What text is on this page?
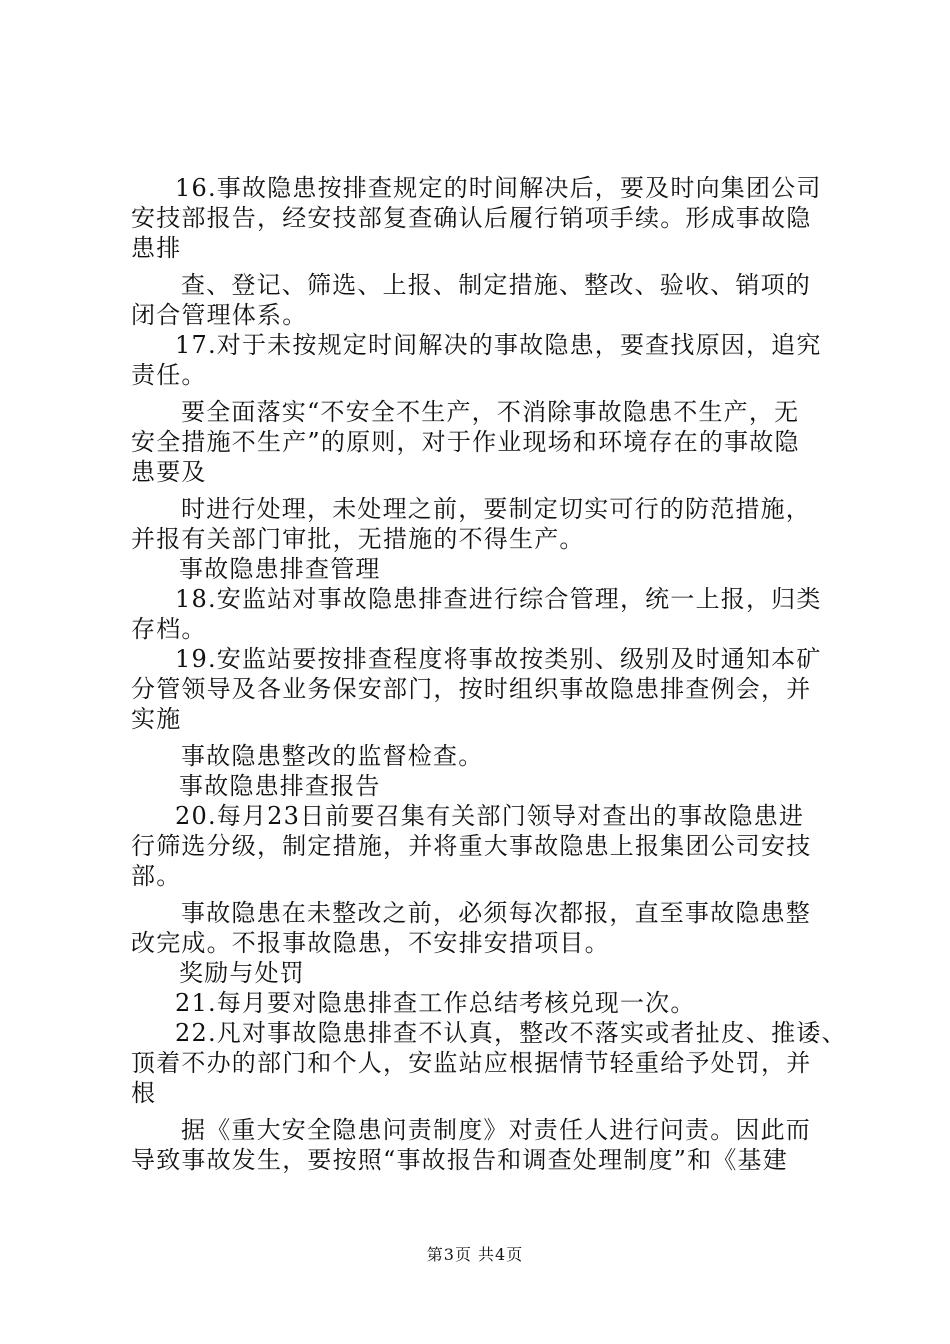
16.事故隐患按排查规定的时间解决后，要及时向集团公司
安技部报告，经安技部复查确认后履行销项手续。形成事故隐
患排
查、登记、筛选、上报、制定措施、整改、验收、销项的
闭合管理体系。
17.对于未按规定时间解决的事故隐患，要查找原因，追究
责任。
要全面落实“不安全不生产，不消除事故隐患不生产，无
安全措施不生产”的原则，对于作业现场和环境存在的事故隐
患要及
时进行处理，未处理之前，要制定切实可行的防范措施，
并报有关部门审批，无措施的不得生产。
事故隐患排查管理
18.安监站对事故隐患排查进行综合管理，统一上报，归类
存档。
19.安监站要按排查程度将事故按类别、级别及时通知本矿
分管领导及各业务保安部门，按时组织事故隐患排查例会，并
实施
事故隐患整改的监督检查。
事故隐患排查报告
20.每月23日前要召集有关部门领导对查出的事故隐患进
行筛选分级，制定措施，并将重大事故隐患上报集团公司安技
部。
事故隐患在未整改之前，必须每次都报，直至事故隐患整
改完成。不报事故隐患，不安排安措项目。
奖励与处罚
21.每月要对隐患排查工作总结考核兑现一次。
22.凡对事故隐患排查不认真，整改不落实或者扯皮、推诿、
顶着不办的部门和个人，安监站应根据情节轻重给予处罚，并
根
据《重大安全隐患问责制度》对责任人进行问责。因此而
导致事故发生，要按照“事故报告和调查处理制度”和《基建
第3页 共4页
